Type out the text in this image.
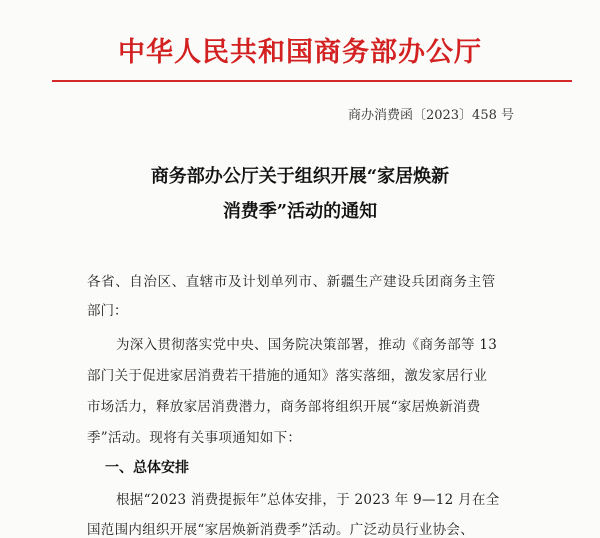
中华人民共和国商务部办公厅
商办消费函〔2023〕458 号
商务部办公厅关于组织开展“家居焕新
消费季”活动的通知
各省、自治区、直辖市及计划单列市、新疆生产建设兵团商务主管
部门：
为深入贯彻落实党中央、国务院决策部署，推动《商务部等 13
部门关于促进家居消费若干措施的通知》落实落细，激发家居行业
市场活力，释放家居消费潜力，商务部将组织开展“家居焕新消费
季”活动。现将有关事项通知如下：
一、总体安排
根据“2023 消费提振年”总体安排，于 2023 年 9—12 月在全
国范围内组织开展“家居焕新消费季”活动。广泛动员行业协会、
